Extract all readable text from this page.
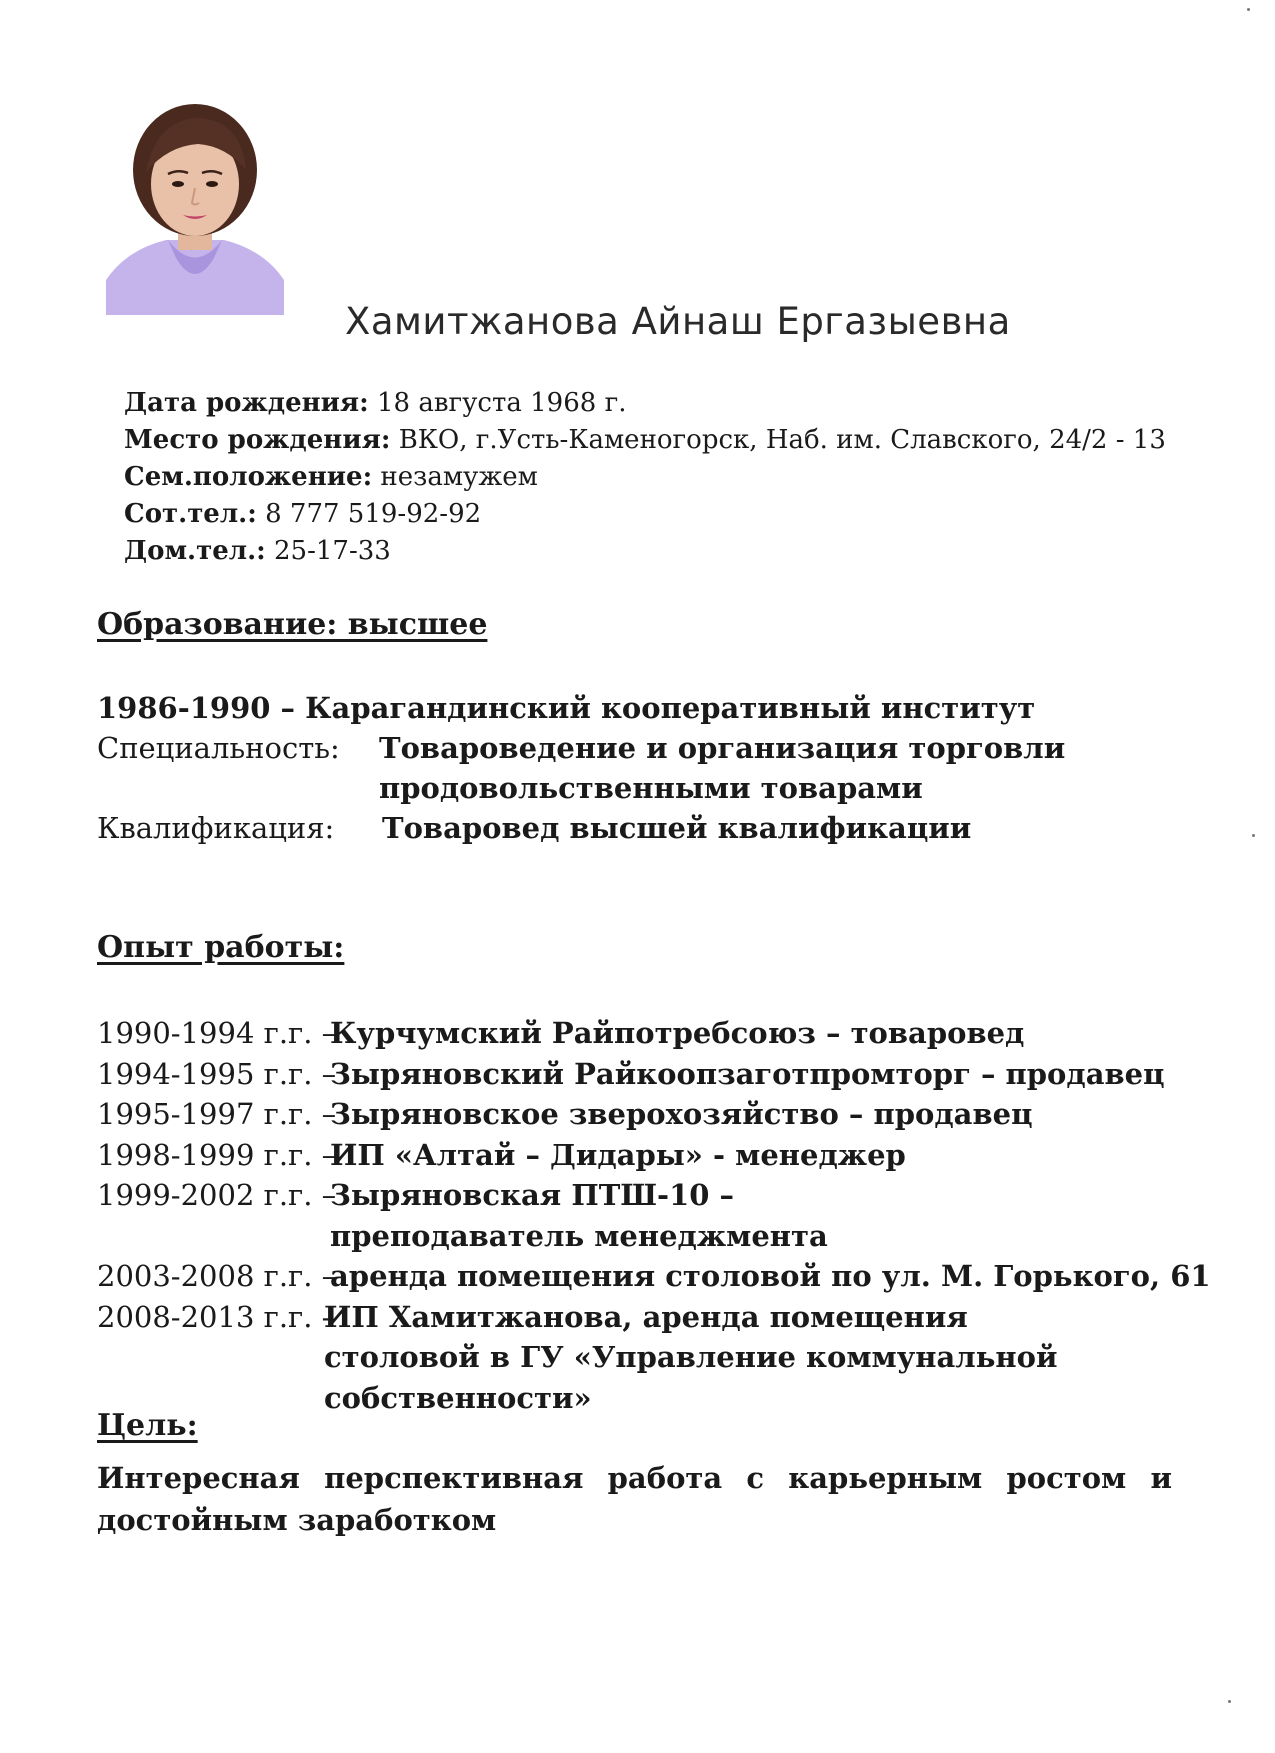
Хамитжанова Айнаш Ергазыевна
Дата рождения: 18 августа 1968 г.
Место рождения: ВКО, г.Усть-Каменогорск, Наб. им. Славского, 24/2 - 13
Сем.положение: незамужем
Сот.тел.: 8 777 519-92-92
Дом.тел.: 25-17-33
Образование: высшее
1986-1990 – Карагандинский кооперативный институт
Специальность:	Товароведение и организация торговли
продовольственными товарами
Квалификация:	Товаровед высшей квалификации
Опыт работы:
1990-1994 г.г. –
Курчумский Райпотребсоюз – товаровед
1994-1995 г.г. –
Зыряновский Райкоопзаготпромторг – продавец
1995-1997 г.г. –
Зыряновское зверохозяйство – продавец
1998-1999 г.г. –
ИП «Алтай – Дидары» - менеджер
1999-2002 г.г. –
Зыряновская ПТШ-10 – преподаватель менеджмента
2003-2008 г.г. –
аренда помещения столовой по ул. М. Горького, 61
2008-2013 г.г. -
ИП Хамитжанова, аренда помещения столовой в ГУ «Управление коммунальной собственности»
Цель:
Интересная перспективная работа с карьерным ростом и достойным заработком
